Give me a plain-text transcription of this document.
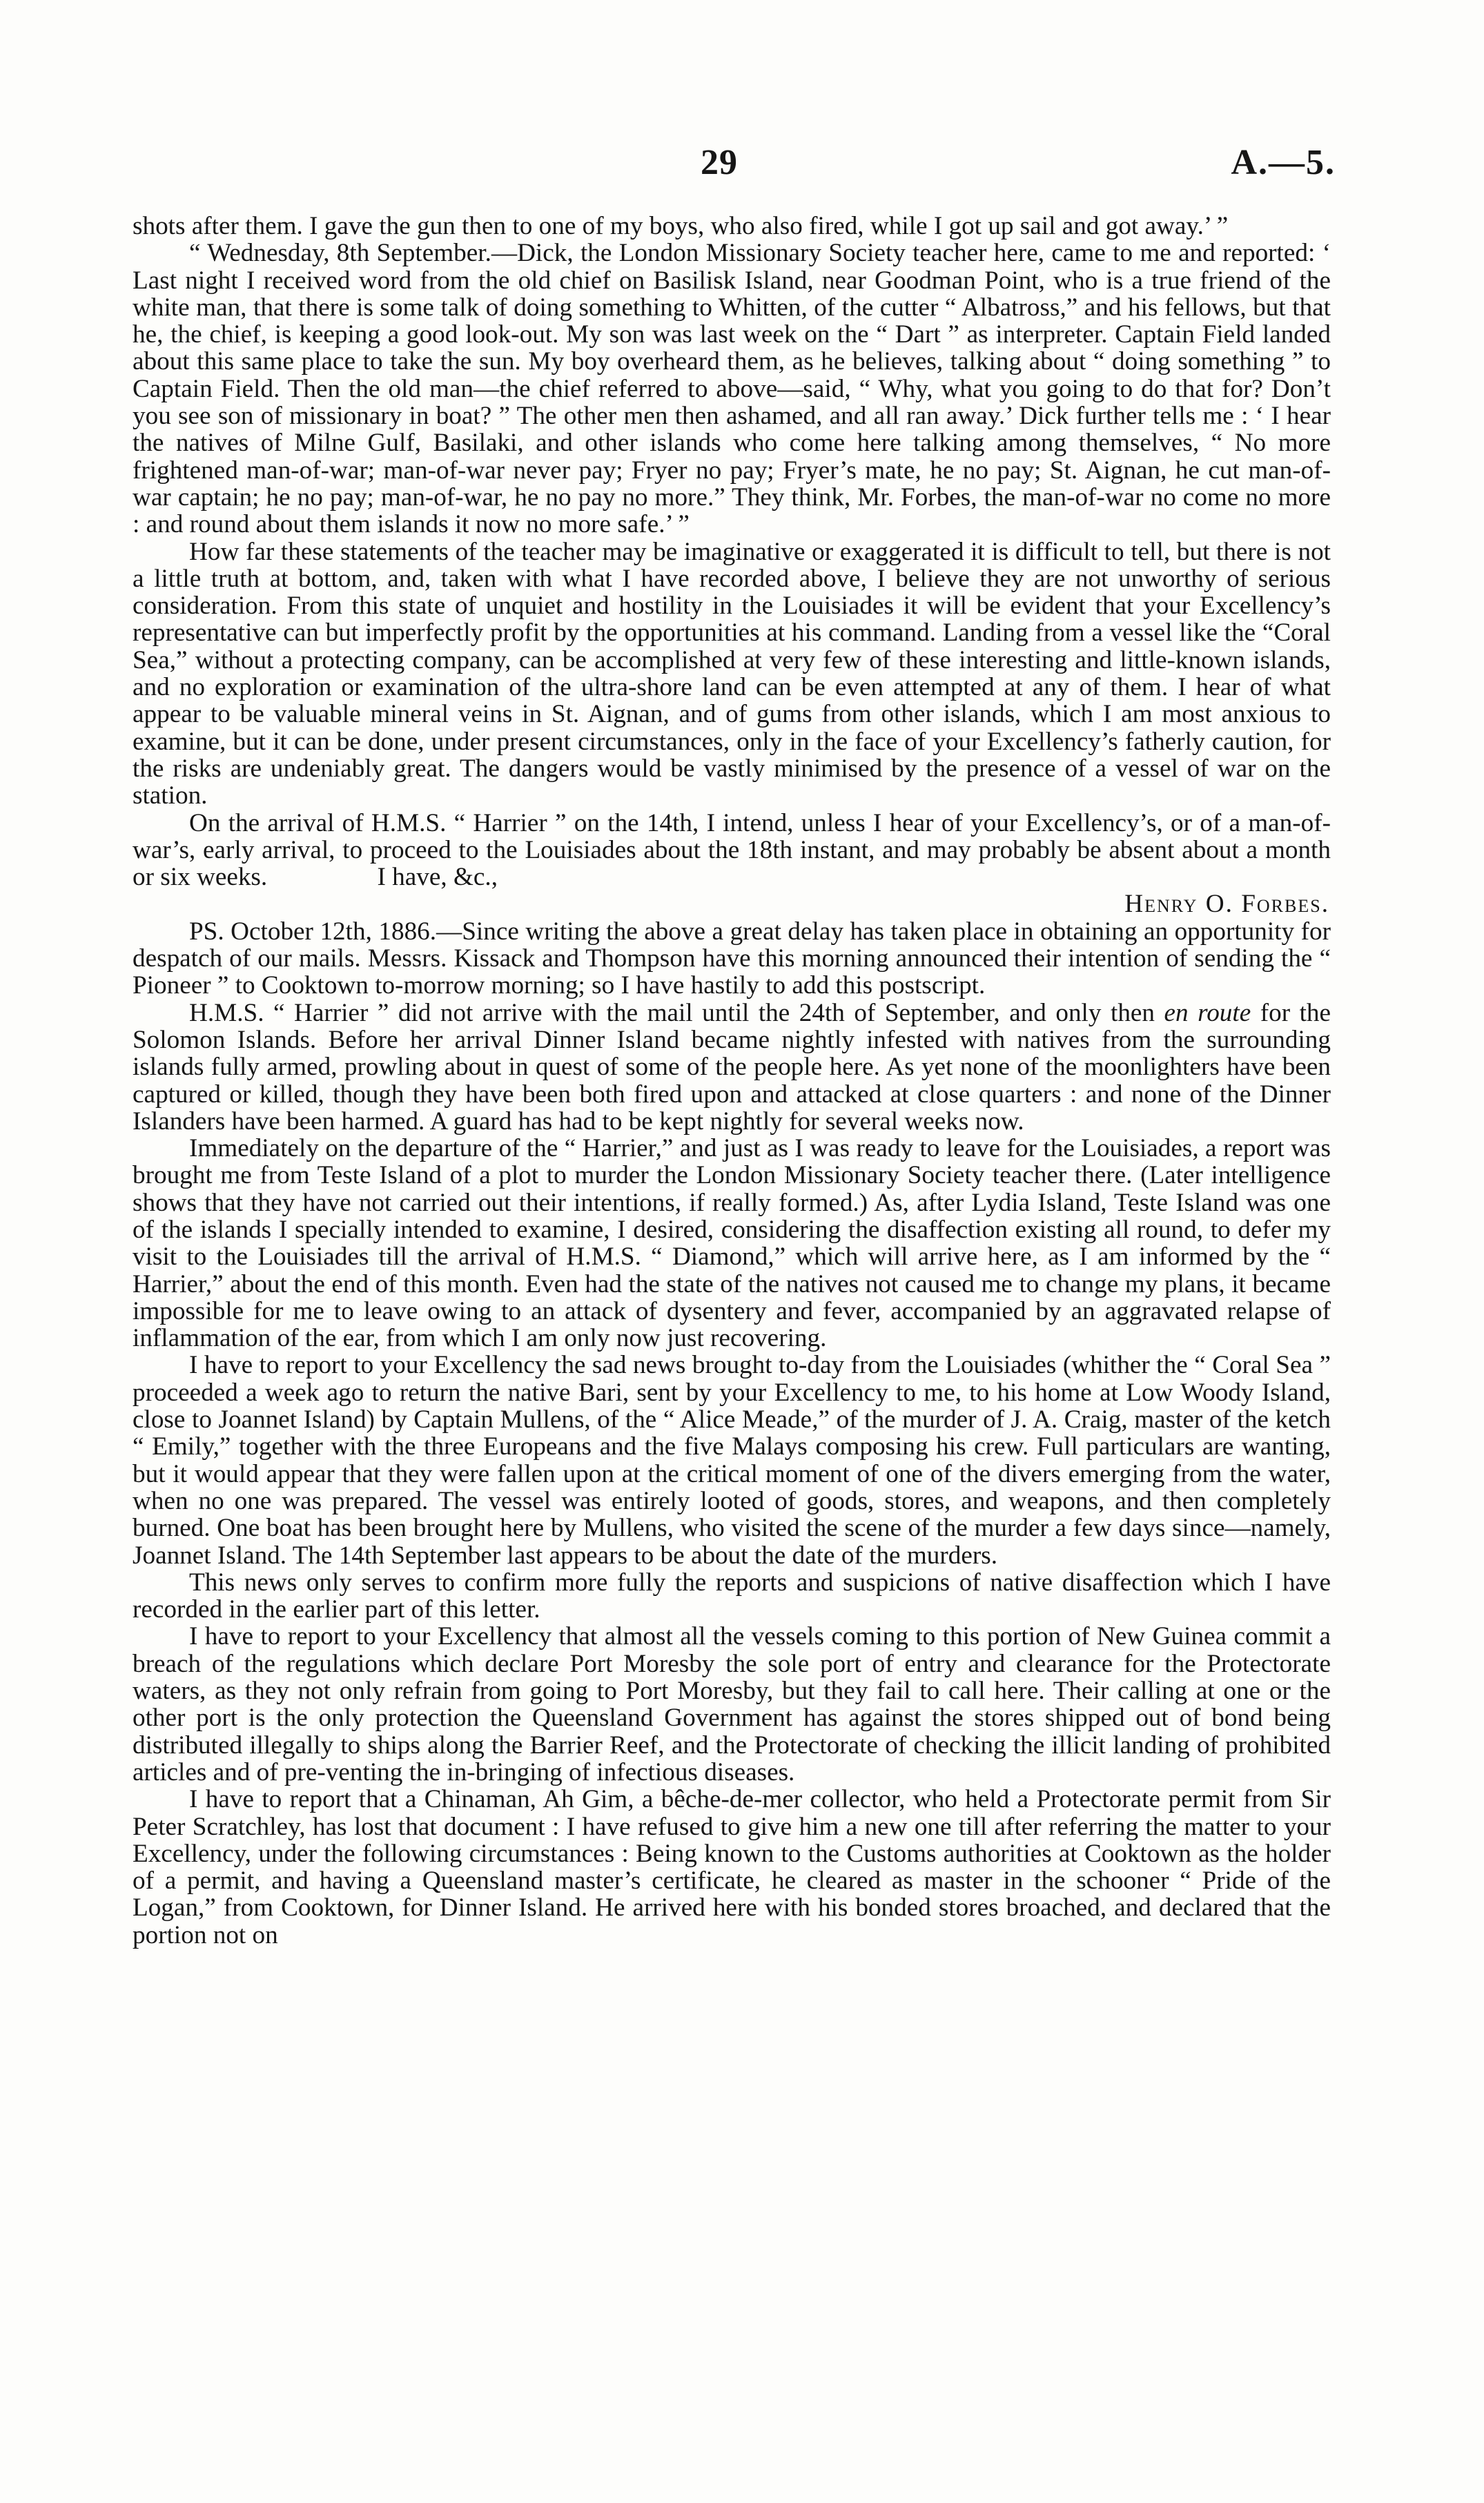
29	A.—5.

shots after them. I gave the gun then to one of my boys, who also fired, while I got up sail and got away.’ ”

“ Wednesday, 8th September.—Dick, the London Missionary Society teacher here, came to me and reported: ‘ Last night I received word from the old chief on Basilisk Island, near Goodman Point, who is a true friend of the white man, that there is some talk of doing something to Whitten, of the cutter “ Albatross,” and his fellows, but that he, the chief, is keeping a good look-out. My son was last week on the “ Dart ” as interpreter. Captain Field landed about this same place to take the sun. My boy overheard them, as he believes, talking about “ doing something ” to Captain Field. Then the old man—the chief referred to above—said, “ Why, what you going to do that for? Don’t you see son of missionary in boat? ” The other men then ashamed, and all ran away.’ Dick further tells me : ‘ I hear the natives of Milne Gulf, Basilaki, and other islands who come here talking among themselves, “ No more frightened man-of-war; man-of-war never pay; Fryer no pay; Fryer’s mate, he no pay; St. Aignan, he cut man-of-war captain; he no pay; man-of-war, he no pay no more.” They think, Mr. Forbes, the man-of-war no come no more : and round about them islands it now no more safe.’ ”

How far these statements of the teacher may be imaginative or exaggerated it is difficult to tell, but there is not a little truth at bottom, and, taken with what I have recorded above, I believe they are not unworthy of serious consideration. From this state of unquiet and hostility in the Louisiades it will be evident that your Excellency’s representative can but imperfectly profit by the opportunities at his command. Landing from a vessel like the “Coral Sea,” without a protecting company, can be accomplished at very few of these interesting and little-known islands, and no exploration or examination of the ultra-shore land can be even attempted at any of them. I hear of what appear to be valuable mineral veins in St. Aignan, and of gums from other islands, which I am most anxious to examine, but it can be done, under present circumstances, only in the face of your Excellency’s fatherly caution, for the risks are undeniably great. The dangers would be vastly minimised by the presence of a vessel of war on the station.

On the arrival of H.M.S. “ Harrier ” on the 14th, I intend, unless I hear of your Excellency’s, or of a man-of-war’s, early arrival, to proceed to the Louisiades about the 18th instant, and may probably be absent about a month or six weeks.	I have, &c.,

Henry O. Forbes.

PS. October 12th, 1886.—Since writing the above a great delay has taken place in obtaining an opportunity for despatch of our mails. Messrs. Kissack and Thompson have this morning announced their intention of sending the “ Pioneer ” to Cooktown to-morrow morning; so I have hastily to add this postscript.

H.M.S. “ Harrier ” did not arrive with the mail until the 24th of September, and only then en route for the Solomon Islands. Before her arrival Dinner Island became nightly infested with natives from the surrounding islands fully armed, prowling about in quest of some of the people here. As yet none of the moonlighters have been captured or killed, though they have been both fired upon and attacked at close quarters : and none of the Dinner Islanders have been harmed. A guard has had to be kept nightly for several weeks now.

Immediately on the departure of the “ Harrier,” and just as I was ready to leave for the Louisiades, a report was brought me from Teste Island of a plot to murder the London Missionary Society teacher there. (Later intelligence shows that they have not carried out their intentions, if really formed.) As, after Lydia Island, Teste Island was one of the islands I specially intended to examine, I desired, considering the disaffection existing all round, to defer my visit to the Louisiades till the arrival of H.M.S. “ Diamond,” which will arrive here, as I am informed by the “ Harrier,” about the end of this month. Even had the state of the natives not caused me to change my plans, it became impossible for me to leave owing to an attack of dysentery and fever, accompanied by an aggravated relapse of inflammation of the ear, from which I am only now just recovering.

I have to report to your Excellency the sad news brought to-day from the Louisiades (whither the “ Coral Sea ” proceeded a week ago to return the native Bari, sent by your Excellency to me, to his home at Low Woody Island, close to Joannet Island) by Captain Mullens, of the “ Alice Meade,” of the murder of J. A. Craig, master of the ketch “ Emily,” together with the three Europeans and the five Malays composing his crew. Full particulars are wanting, but it would appear that they were fallen upon at the critical moment of one of the divers emerging from the water, when no one was prepared. The vessel was entirely looted of goods, stores, and weapons, and then completely burned. One boat has been brought here by Mullens, who visited the scene of the murder a few days since—namely, Joannet Island. The 14th September last appears to be about the date of the murders.

This news only serves to confirm more fully the reports and suspicions of native disaffection which I have recorded in the earlier part of this letter.

I have to report to your Excellency that almost all the vessels coming to this portion of New Guinea commit a breach of the regulations which declare Port Moresby the sole port of entry and clearance for the Protectorate waters, as they not only refrain from going to Port Moresby, but they fail to call here. Their calling at one or the other port is the only protection the Queensland Government has against the stores shipped out of bond being distributed illegally to ships along the Barrier Reef, and the Protectorate of checking the illicit landing of prohibited articles and of pre-venting the in-bringing of infectious diseases.

I have to report that a Chinaman, Ah Gim, a bêche-de-mer collector, who held a Protectorate permit from Sir Peter Scratchley, has lost that document : I have refused to give him a new one till after referring the matter to your Excellency, under the following circumstances : Being known to the Customs authorities at Cooktown as the holder of a permit, and having a Queensland master’s certificate, he cleared as master in the schooner “ Pride of the Logan,” from Cooktown, for Dinner Island. He arrived here with his bonded stores broached, and declared that the portion not on
